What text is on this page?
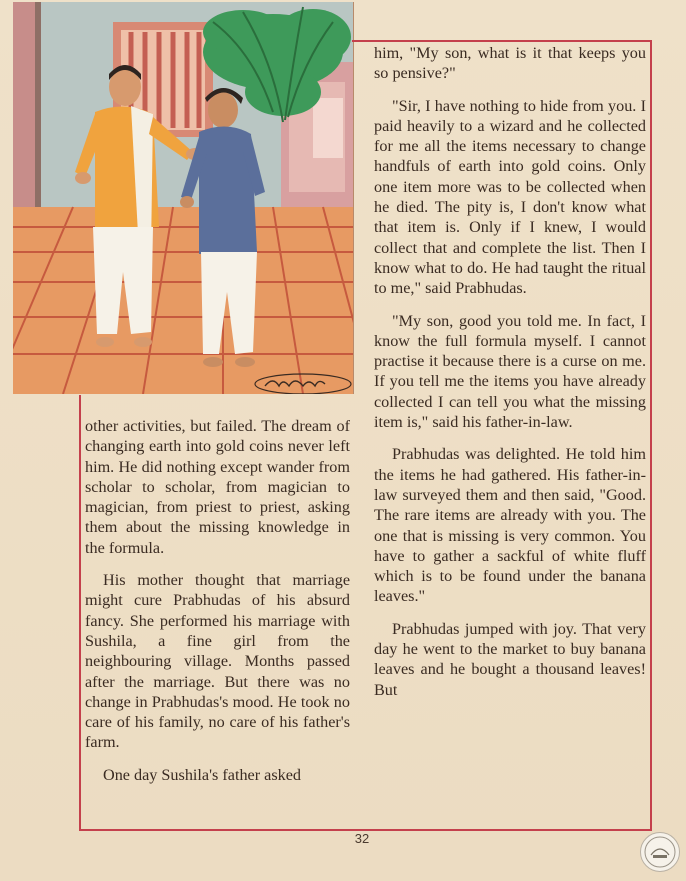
him, "My son, what is it that keeps you so pensive?"

"Sir, I have nothing to hide from you. I paid heavily to a wizard and he collected for me all the items necessary to change handfuls of earth into gold coins. Only one item more was to be collected when he died. The pity is, I don't know what that item is. Only if I knew, I would collect that and complete the list. Then I know what to do. He had taught the ritual to me," said Prabhudas.

"My son, good you told me. In fact, I know the full formula myself. I cannot practise it because there is a curse on me. If you tell me the items you have already collected I can tell you what the missing item is," said his father-in-law.

Prabhudas was delighted. He told him the items he had gathered. His father-in-law surveyed them and then said, "Good. The rare items are already with you. The one that is missing is very common. You have to gather a sackful of white fluff which is to be found under the banana leaves."

Prabhudas jumped with joy. That very day he went to the market to buy banana leaves and he bought a thousand leaves! But

other activities, but failed. The dream of changing earth into gold coins never left him. He did nothing except wander from scholar to scholar, from magician to magician, from priest to priest, asking them about the missing knowledge in the formula.

His mother thought that marriage might cure Prabhudas of his absurd fancy. She performed his marriage with Sushila, a fine girl from the neighbouring village. Months passed after the marriage. But there was no change in Prabhudas's mood. He took no care of his family, no care of his father's farm.

One day Sushila's father asked

32
